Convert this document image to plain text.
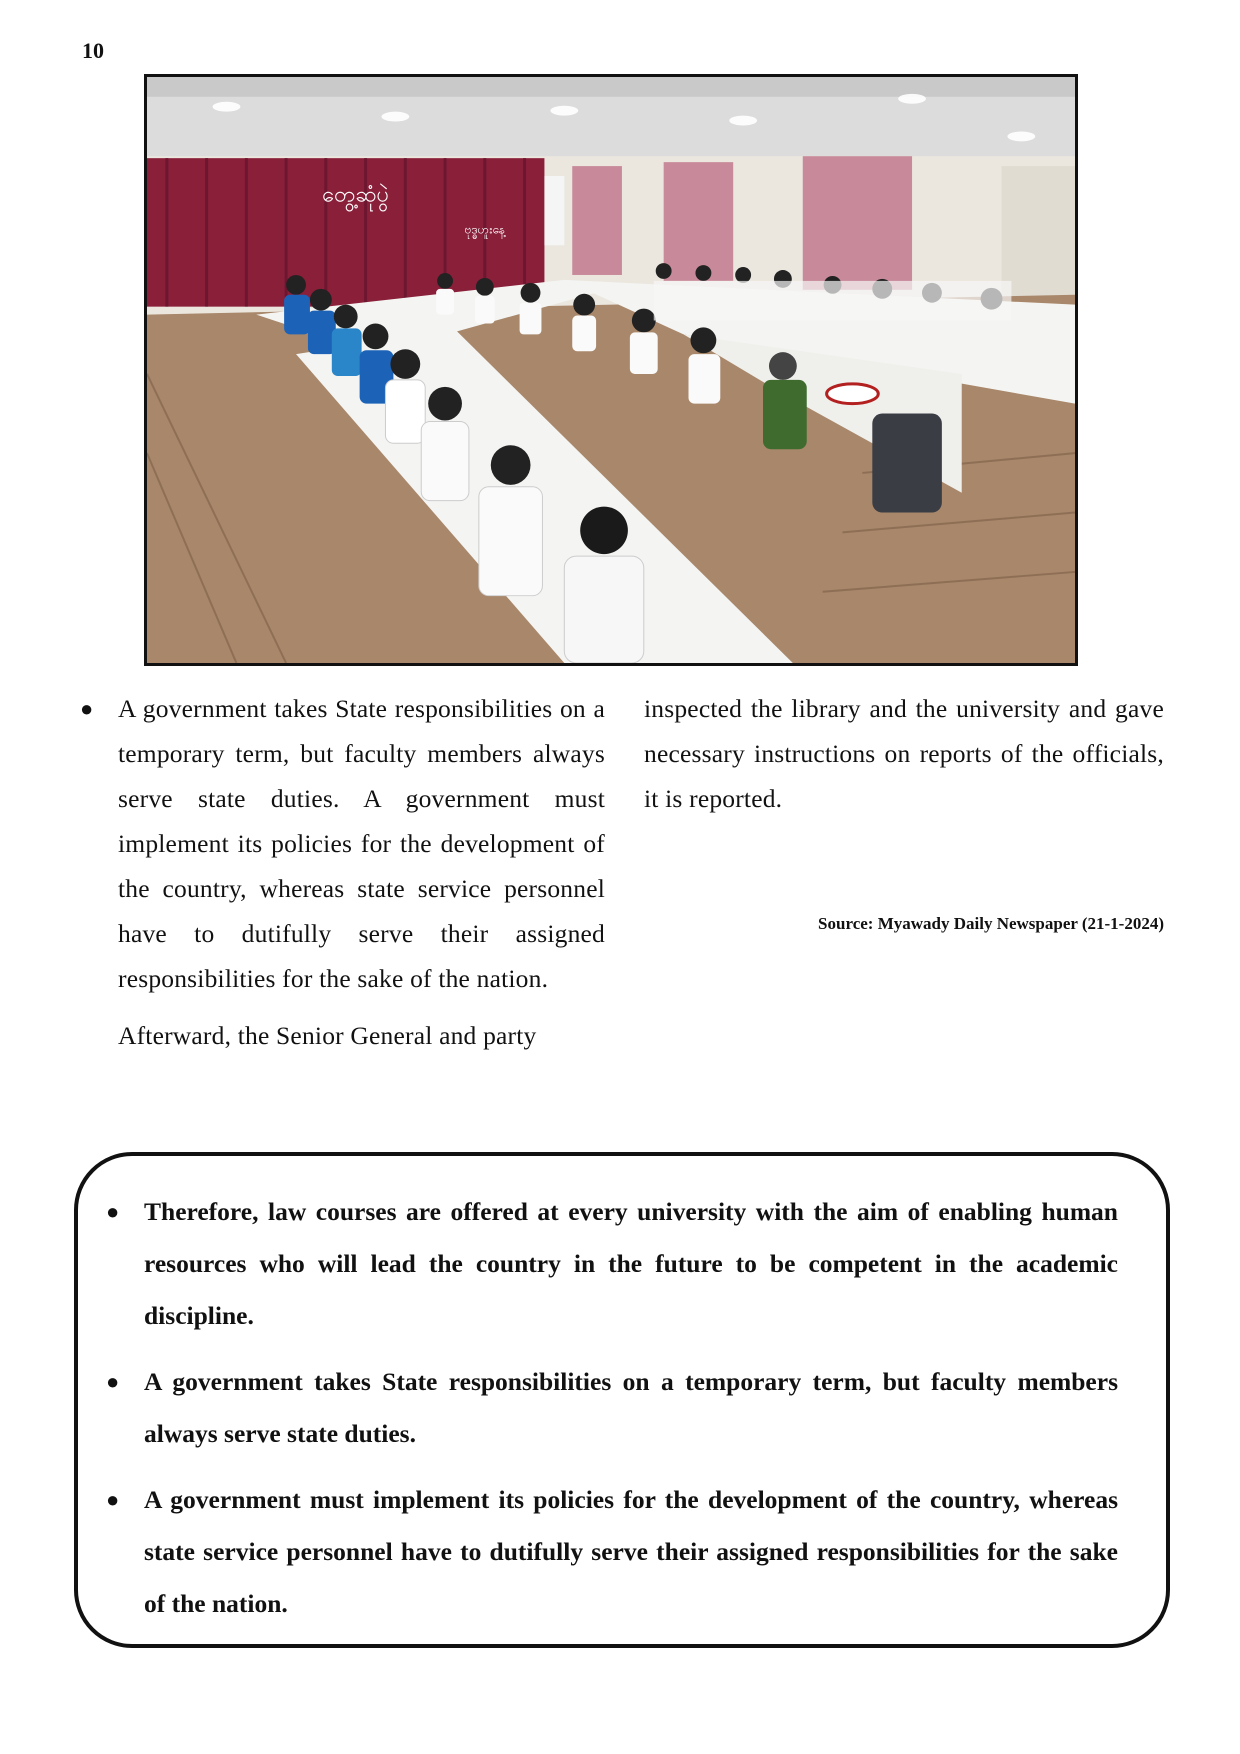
10
တွေ့ဆုံပွဲ
ဗုဒ္ဓဟူးနေ့

● A government takes State responsibilities on a temporary term, but faculty members always serve state duties. A government must implement its policies for the development of the country, whereas state service personnel have to dutifully serve their assigned responsibilities for the sake of the nation.

Afterward, the Senior General and party

inspected the library and the university and gave necessary instructions on reports of the officials, it is reported.

Source: Myawady Daily Newspaper (21-1-2024)
● Therefore, law courses are offered at every university with the aim of enabling human resources who will lead the country in the future to be competent in the academic discipline.
● A government takes State responsibilities on a temporary term, but faculty members always serve state duties.
● A government must implement its policies for the development of the country, whereas state service personnel have to dutifully serve their assigned responsibilities for the sake of the nation.
